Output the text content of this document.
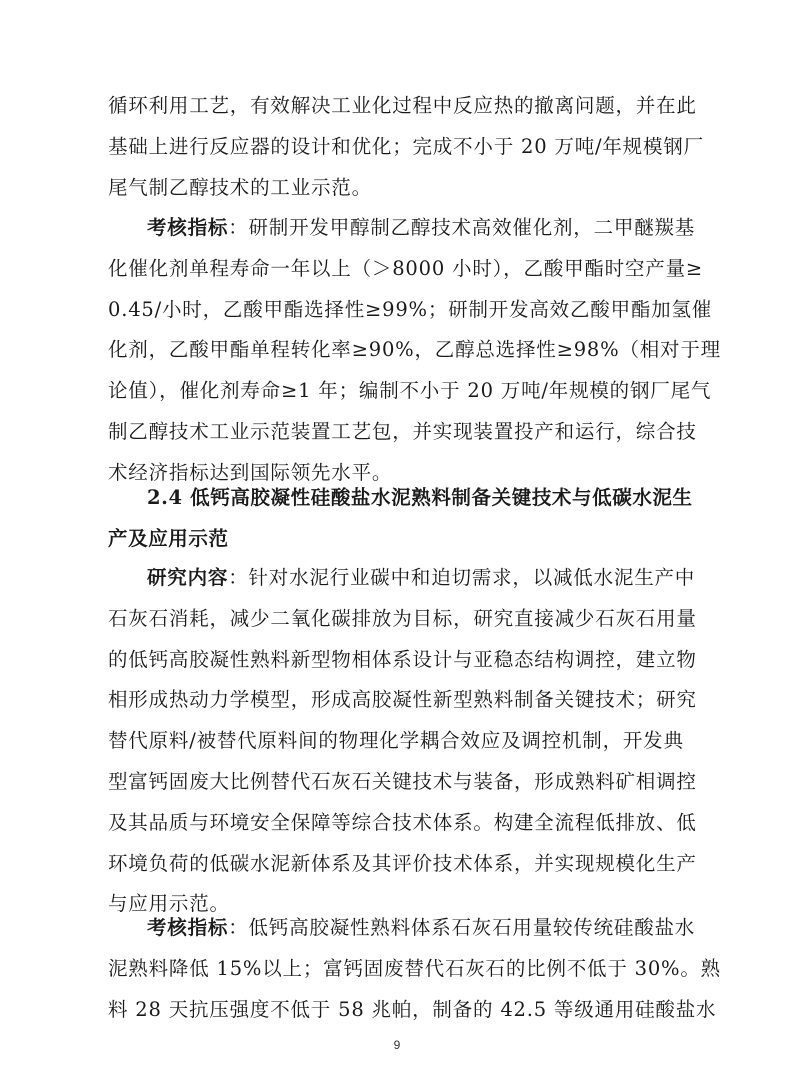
循环利用工艺，有效解决工业化过程中反应热的撤离问题，并在此
基础上进行反应器的设计和优化；完成不小于 20 万吨/年规模钢厂
尾气制乙醇技术的工业示范。
考核指标：研制开发甲醇制乙醇技术高效催化剂，二甲醚羰基
化催化剂单程寿命一年以上（＞8000 小时），乙酸甲酯时空产量≥
0.45/小时，乙酸甲酯选择性≥99%；研制开发高效乙酸甲酯加氢催
化剂，乙酸甲酯单程转化率≥90%，乙醇总选择性≥98%（相对于理
论值），催化剂寿命≥1 年；编制不小于 20 万吨/年规模的钢厂尾气
制乙醇技术工业示范装置工艺包，并实现装置投产和运行，综合技
术经济指标达到国际领先水平。
2.4 低钙高胶凝性硅酸盐水泥熟料制备关键技术与低碳水泥生
产及应用示范
研究内容：针对水泥行业碳中和迫切需求，以减低水泥生产中
石灰石消耗，减少二氧化碳排放为目标，研究直接减少石灰石用量
的低钙高胶凝性熟料新型物相体系设计与亚稳态结构调控，建立物
相形成热动力学模型，形成高胶凝性新型熟料制备关键技术；研究
替代原料/被替代原料间的物理化学耦合效应及调控机制，开发典
型富钙固废大比例替代石灰石关键技术与装备，形成熟料矿相调控
及其品质与环境安全保障等综合技术体系。构建全流程低排放、低
环境负荷的低碳水泥新体系及其评价技术体系，并实现规模化生产
与应用示范。
考核指标：低钙高胶凝性熟料体系石灰石用量较传统硅酸盐水
泥熟料降低 15%以上；富钙固废替代石灰石的比例不低于 30%。熟
料 28 天抗压强度不低于 58 兆帕，制备的 42.5 等级通用硅酸盐水
9
